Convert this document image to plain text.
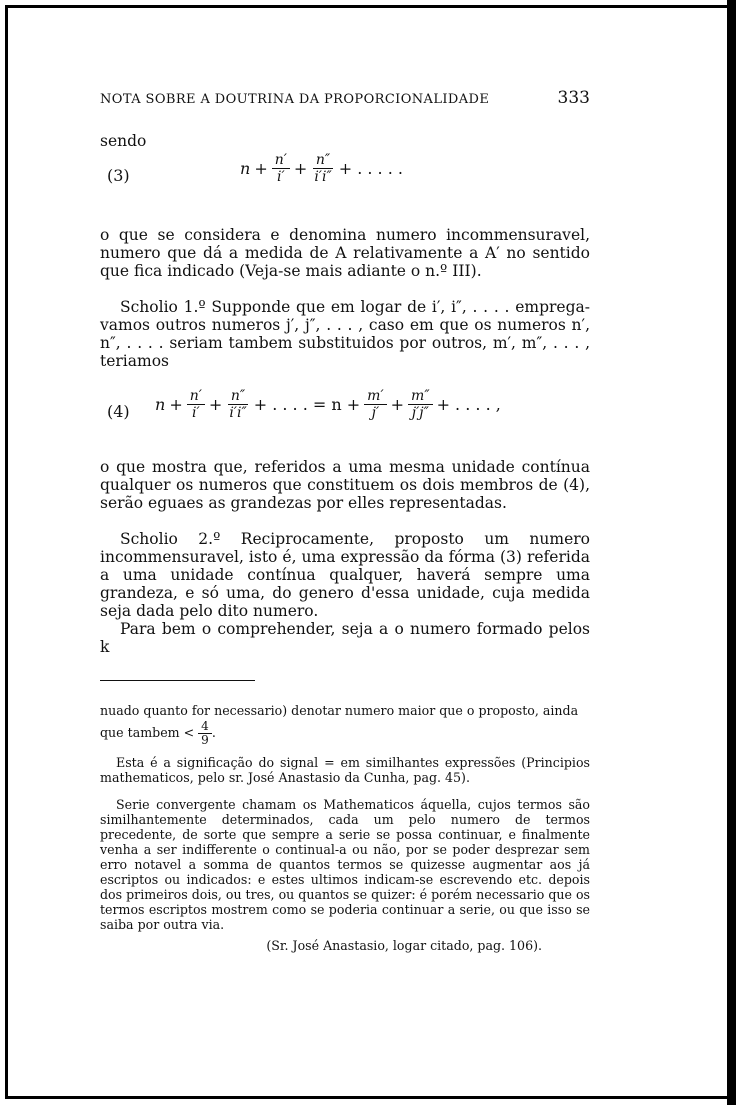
NOTA SOBRE A DOUTRINA DA PROPORCIONALIDADE	333

sendo

(3)	$n + \frac{n'}{i'} + \frac{n''}{i'i''}$ + . . . . .

o que se considera e denomina numero incommensuravel, numero que dá a medida de A relativamente a A′ no sentido que fica indicado (Veja-se mais adiante o n.º III).

Scholio 1.º Supponde que em logar de i′, i″, . . . . empregavamos outros numeros j′, j″, . . . , caso em que os numeros n′, n″, . . . . seriam tambem substituidos por outros, m′, m″, . . . , teriamos

(4) $n + \frac{n'}{i'} + \frac{n''}{i'i''}$ + . . . . = $n + \frac{m'}{j'} + \frac{m''}{j'j''}$ + . . . . ,

o que mostra que, referidos a uma mesma unidade contínua qualquer os numeros que constituem os dois membros de (4), serão eguaes as grandezas por elles representadas.

Scholio 2.º Reciprocamente, proposto um numero incommensuravel, isto é, uma expressão da fórma (3) referida a uma unidade contínua qualquer, haverá sempre uma grandeza, e só uma, do genero d'essa unidade, cuja medida seja dada pelo dito numero.

Para bem o comprehender, seja a o numero formado pelos k

nuado quanto for necessario) denotar numero maior que o proposto, ainda

que tambem < $\frac{4}{9}$ .

Esta é a significação do signal = em similhantes expressões (Principios mathematicos, pelo sr. José Anastasio da Cunha, pag. 45).

Serie convergente chamam os Mathematicos áquella, cujos termos são similhantemente determinados, cada um pelo numero de termos precedente, de sorte que sempre a serie se possa continuar, e finalmente venha a ser indifferente o continual-a ou não, por se poder desprezar sem erro notavel a somma de quantos termos se quizesse augmentar aos já escriptos ou indicados: e estes ultimos indicam-se escrevendo etc. depois dos primeiros dois, ou tres, ou quantos se quizer: é porém necessario que os termos escriptos mostrem como se poderia continuar a serie, ou que isso se saiba por outra via.

(Sr. José Anastasio, logar citado, pag. 106).
